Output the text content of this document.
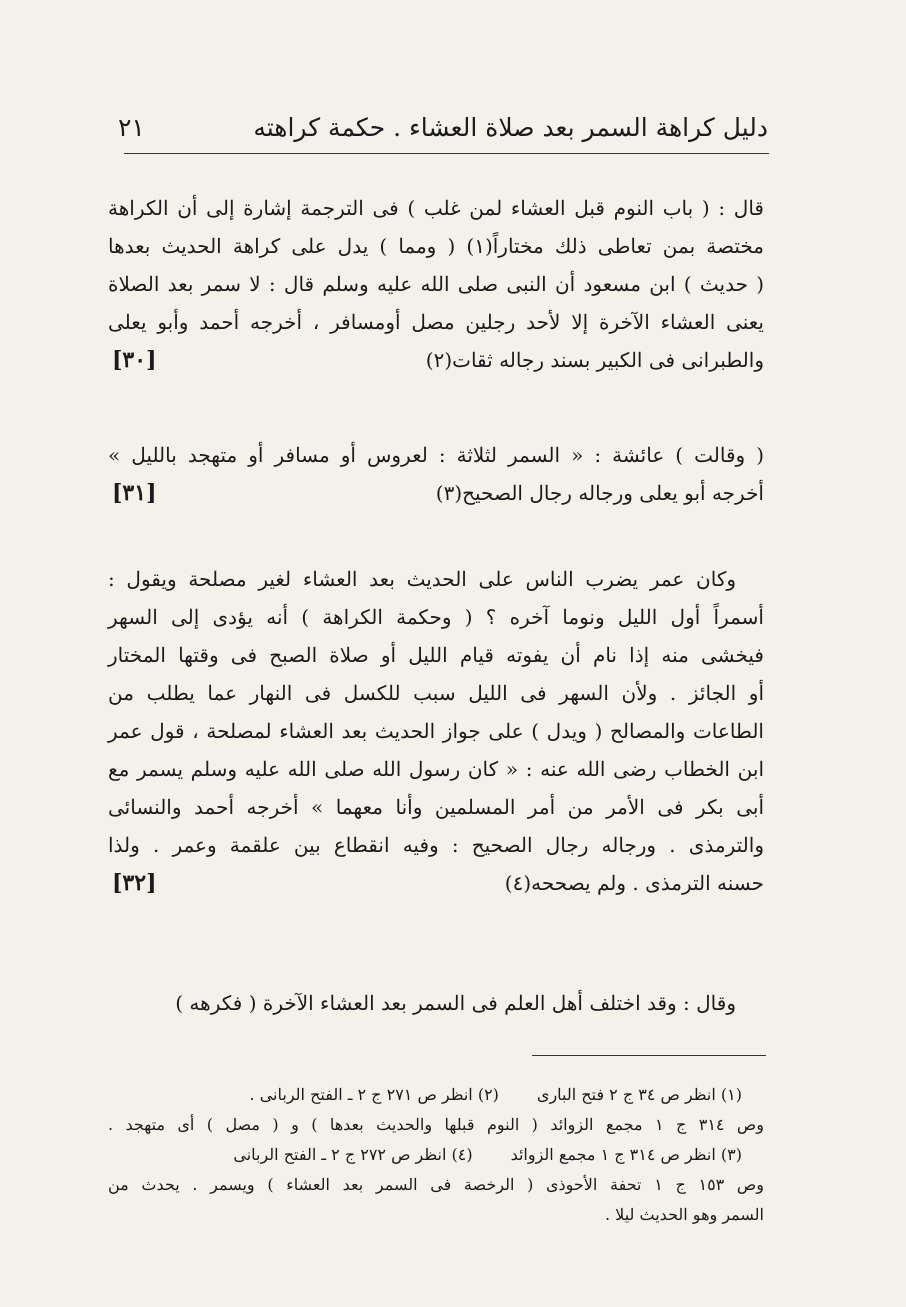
دليل كراهة السمر بعد صلاة العشاء . حكمة كراهته
٢١
قال : ( باب النوم قبل العشاء لمن غلب ) فى الترجمة إشارة إلى أن الكراهة
مختصة بمن تعاطى ذلك مختاراً(١) ( ومما ) يدل على كراهة الحديث بعدها
( حديث ) ابن مسعود أن النبى صلى الله عليه وسلم قال : لا سمر بعد الصلاة
يعنى العشاء الآخرة إلا لأحد رجلين مصل أومسافر ، أخرجه أحمد وأبو يعلى
والطبرانى فى الكبير بسند رجاله ثقات(٢)
[٣٠]
( وقالت ) عائشة : « السمر لثلاثة : لعروس أو مسافر أو متهجد بالليل »
أخرجه أبو يعلى ورجاله رجال الصحيح(٣)
[٣١]
وكان عمر يضرب الناس على الحديث بعد العشاء لغير مصلحة ويقول :
أسمراً أول الليل ونوما آخره ؟ ( وحكمة الكراهة ) أنه يؤدى إلى السهر
فيخشى منه إذا نام أن يفوته قيام الليل أو صلاة الصبح فى وقتها المختار
أو الجائز . ولأن السهر فى الليل سبب للكسل فى النهار عما يطلب من
الطاعات والمصالح ( ويدل ) على جواز الحديث بعد العشاء لمصلحة ، قول عمر
ابن الخطاب رضى الله عنه : « كان رسول الله صلى الله عليه وسلم يسمر مع
أبى بكر فى الأمر من أمر المسلمين وأنا معهما » أخرجه أحمد والنسائى
والترمذى . ورجاله رجال الصحيح : وفيه انقطاع بين علقمة وعمر . ولذا
حسنه الترمذى . ولم يصححه(٤)
[٣٢]
وقال : وقد اختلف أهل العلم فى السمر بعد العشاء الآخرة ( فكرهه )
(١) انظر ص ٣٤ ج ٢ فتح البارى
(٢) انظر ص ٢٧١ ج ٢ ـ الفتح الربانى .
وص ٣١٤ ج ١ مجمع الزوائد ( النوم قبلها والحديث بعدها ) و ( مصل ) أى متهجد .
(٣) انظر ص ٣١٤ ج ١ مجمع الزوائد
(٤) انظر ص ٢٧٢ ج ٢ ـ الفتح الربانى
وص ١٥٣ ج ١ تحفة الأحوذى ( الرخصة فى السمر بعد العشاء ) ويسمر . يحدث من
السمر وهو الحديث ليلا .
